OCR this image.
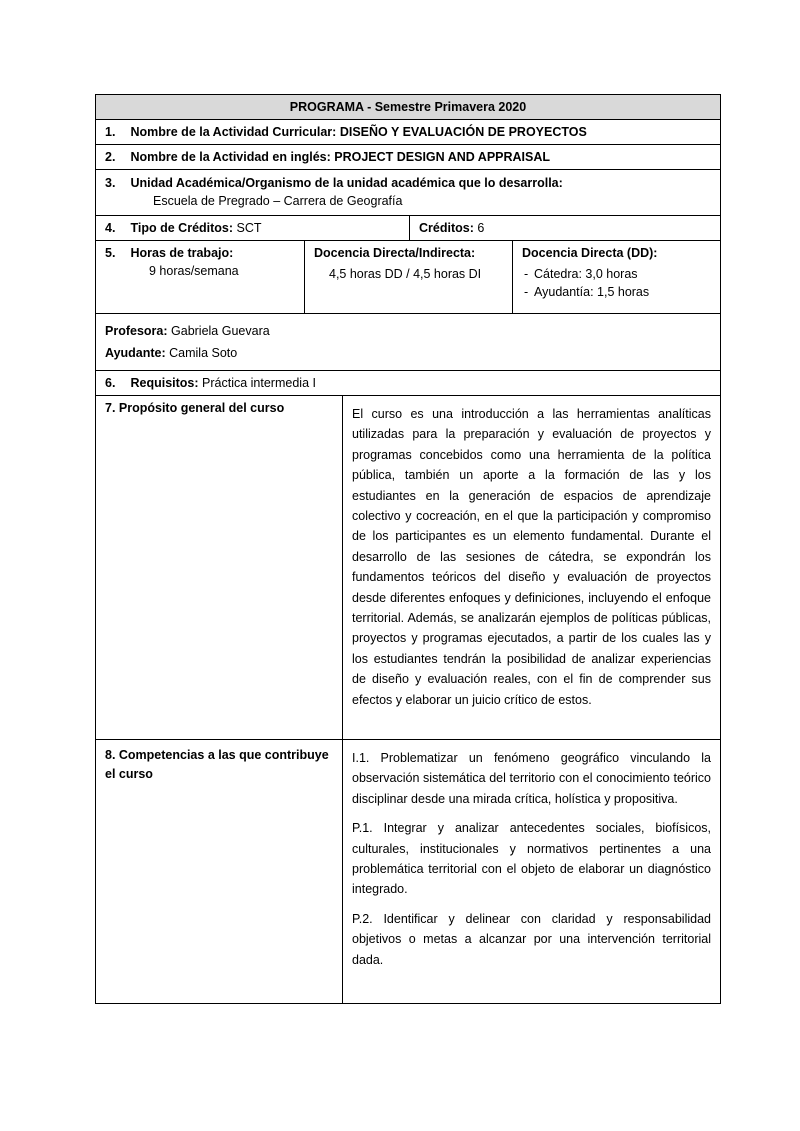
PROGRAMA - Semestre Primavera 2020
1. Nombre de la Actividad Curricular: DISEÑO Y EVALUACIÓN DE PROYECTOS
2. Nombre de la Actividad en inglés: PROJECT DESIGN AND APPRAISAL
3. Unidad Académica/Organismo de la unidad académica que lo desarrolla:
Escuela de Pregrado – Carrera de Geografía
4. Tipo de Créditos: SCT	Créditos: 6
5. Horas de trabajo:
9 horas/semana
Docencia Directa/Indirecta:
4,5 horas DD / 4,5 horas DI
Docencia Directa (DD):
- Cátedra: 3,0 horas
- Ayudantía: 1,5 horas
Profesora: Gabriela Guevara
Ayudante: Camila Soto
6. Requisitos: Práctica intermedia I
7. Propósito general del curso	El curso es una introducción a las herramientas analíticas utilizadas para la preparación y evaluación de proyectos y programas concebidos como una herramienta de la política pública, también un aporte a la formación de las y los estudiantes en la generación de espacios de aprendizaje colectivo y cocreación, en el que la participación y compromiso de los participantes es un elemento fundamental. Durante el desarrollo de las sesiones de cátedra, se expondrán los fundamentos teóricos del diseño y evaluación de proyectos desde diferentes enfoques y definiciones, incluyendo el enfoque territorial. Además, se analizarán ejemplos de políticas públicas, proyectos y programas ejecutados, a partir de los cuales las y los estudiantes tendrán la posibilidad de analizar experiencias de diseño y evaluación reales, con el fin de comprender sus efectos y elaborar un juicio crítico de estos.
8. Competencias a las que contribuye el curso

I.1. Problematizar un fenómeno geográfico vinculando la observación sistemática del territorio con el conocimiento teórico disciplinar desde una mirada crítica, holística y propositiva.

P.1. Integrar y analizar antecedentes sociales, biofísicos, culturales, institucionales y normativos pertinentes a una problemática territorial con el objeto de elaborar un diagnóstico integrado.

P.2. Identificar y delinear con claridad y responsabilidad objetivos o metas a alcanzar por una intervención territorial dada.
